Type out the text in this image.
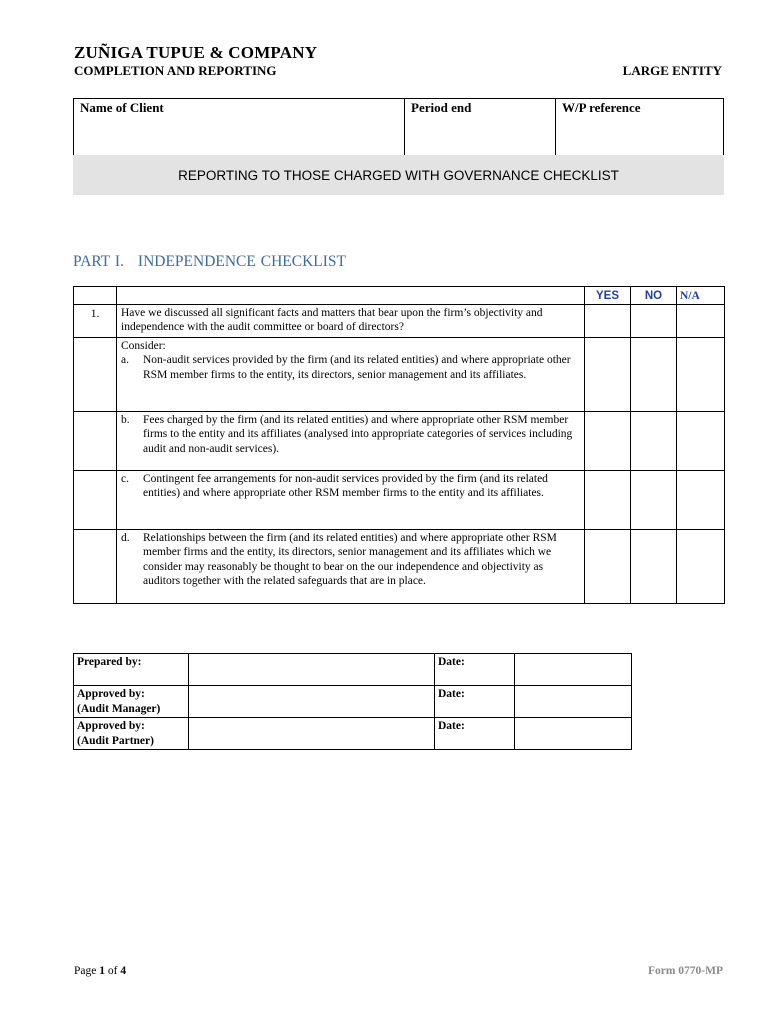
ZUÑIGA TUPUE & COMPANY
COMPLETION AND REPORTING	LARGE ENTITY
Name of Client	Period end	W/P reference
REPORTING TO THOSE CHARGED WITH GOVERNANCE CHECKLIST
PART I. INDEPENDENCE CHECKLIST
		YES	NO	N/A
1.	Have we discussed all significant facts and matters that bear upon the firm’s objectivity and independence with the audit committee or board of directors?			

	Consider:
a. Non-audit services provided by the firm (and its related entities) and where appropriate other RSM member firms to the entity, its directors, senior management and its affiliates.			

	b. Fees charged by the firm (and its related entities) and where appropriate other RSM member firms to the entity and its affiliates (analysed into appropriate categories of services including audit and non-audit services).			

	c. Contingent fee arrangements for non-audit services provided by the firm (and its related entities) and where appropriate other RSM member firms to the entity and its affiliates.			

	d. Relationships between the firm (and its related entities) and where appropriate other RSM member firms and the entity, its directors, senior management and its affiliates which we consider may reasonably be thought to bear on the our independence and objectivity as auditors together with the related safeguards that are in place.			

Prepared by:		Date:	

Approved by:
(Audit Manager)		Date:	

Approved by:
(Audit Partner)		Date:	
Page 1 of 4	Form 0770-MP
